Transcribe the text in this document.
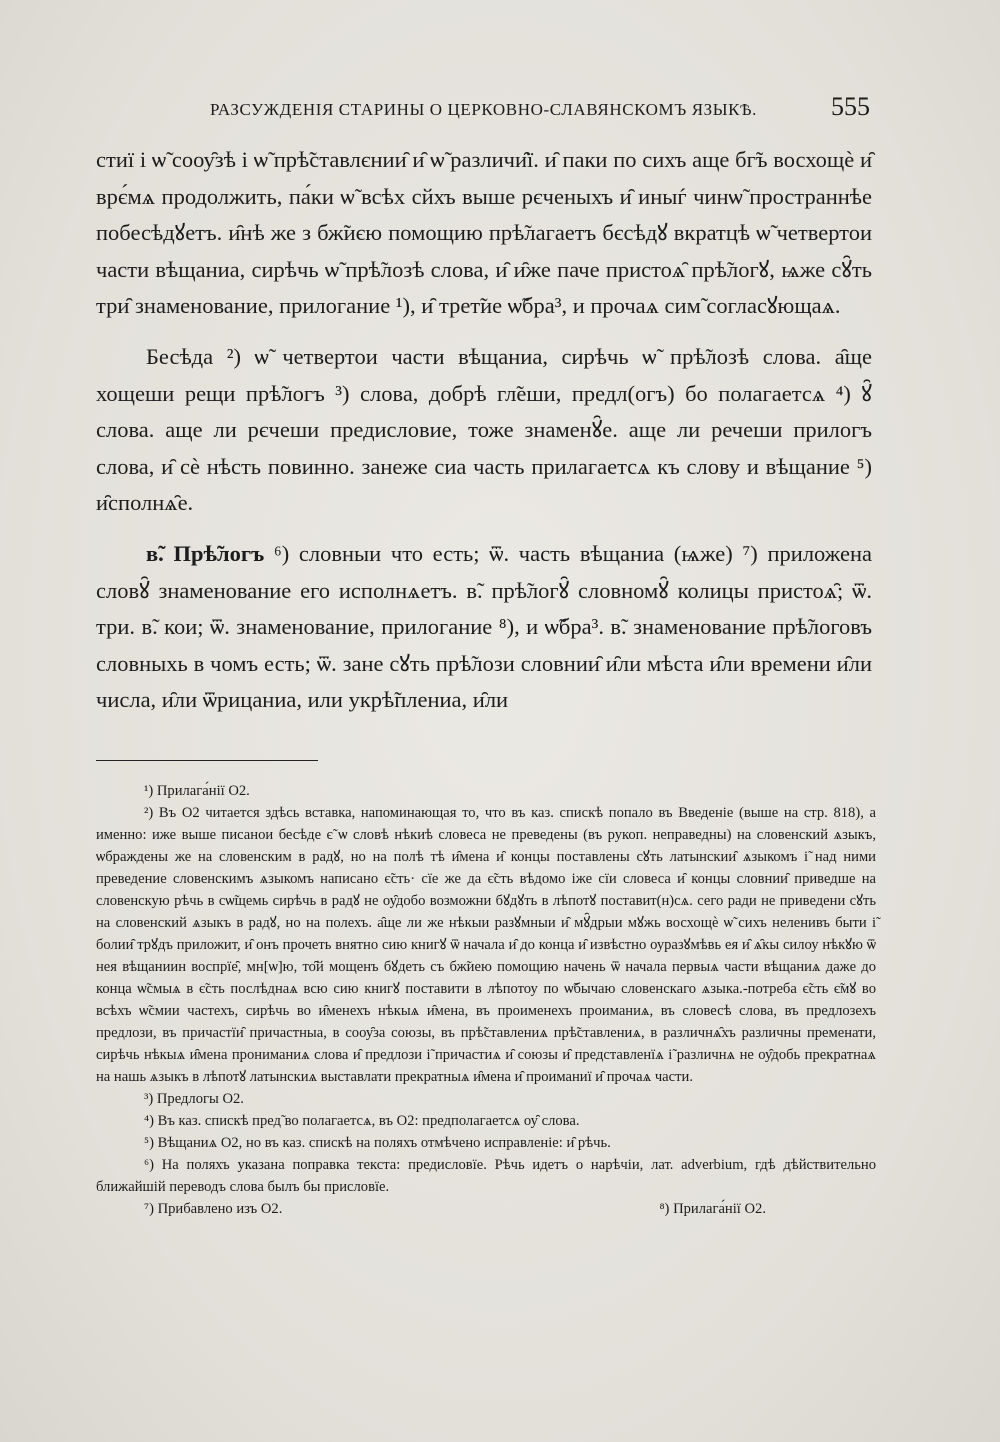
РАЗСУЖДЕНІЯ СТАРИНЫ О ЦЕРКОВНО-СЛАВЯНСКОМЪ ЯЗЫКѢ.	555

стиї і ѡ̃ сооу̑зѣ і ѡ̃ прѣ̃ставлєнии̑ и̑ ѡ̃ различи̑ї. и̑ паки по сихъ аще бг̃ъ восхощѐ и̑ врє́мѧ продолжить, па́ки ѡ̃ всѣх сйхъ выше рєченыхъ и̑ иныѓ чинѡ̃ пространнѣе побесѣдꙋетъ. и̑нѣ же з бж̃иєю помощию прѣ̃лагаетъ бєсѣдꙋ вкратцѣ ѡ̃ четвертои части вѣщаниа, сирѣчь ѡ̃ прѣ̃лозѣ слова, и̑ и̑же паче пристоѧ̑ прѣ̃логꙋ, ѩже сꙋ̑ть три̑ знаменование, прилогание ¹), и̑ трет̃ие ѡ̃бра³, и прочаѧ сим̃ согласꙋющаѧ.

Бесѣда ²) ѡ̃ четвертои части вѣщаниа, сирѣчь ѡ̃ прѣ̃лозѣ слова. а̑ще хощеши рещи прѣ̃логъ ³) слова, добрѣ гл̃еши, предл(огъ) бо полагаетсѧ ⁴) ꙋ̑ слова. аще ли рєчеши предисловие, тоже знаменꙋ̑е. аще ли речеши прилогъ слова, и̑ сѐ нѣсть повинно. занеже сиа часть прилагаетсѧ къ слову и вѣщание ⁵) и̑сполнѧ̑е.

в̃. Прѣ̃логъ ⁶) словныи что есть; ѿ. часть вѣщаниа (ѩже) ⁷) приложена словꙋ̑ знаменование его исполнѧетъ. в̃. прѣ̃логꙋ̑ словномꙋ̑ колицы пристоѧ̑; ѿ. три. в̃. кои; ѿ. знаменование, прилогание ⁸), и ѡ̃бра³. в̃. знаменование прѣ̃логовъ словныхь в чомъ есть; ѿ. зане сꙋть прѣ̃лози словнии̑ и̑ли мѣста и̑ли времени и̑ли числа, и̑ли ѿрицаниа, или укрѣ̃плениа, и̑ли

¹) Прилага́нії О2.

²) Въ О2 читается здѣсь вставка, напоминающая то, что въ каз. спискѣ попало въ Введеніе (выше на стр. 818), а именно: иже выше писанои бесѣде є̃ ѡ словѣ нѣкиѣ словеса не преведены (въ рукоп. неправедны) на словенский ѧзыкъ, ѡбраждены же на словенским в радꙋ, но на полѣ тѣ и̑мена и̑ концы поставлены сꙋть латынскии̑ ѧзыкомъ і̃ над ними преведение словенскимъ ѧзыкомъ написано є̃сть· сїе же да є̃сть вѣдомо іже сїи словеса и̑ концы словнии̑ приведше на словенскую рѣчь в сѡ̃щемь сирѣчь в радꙋ не оу̑добо возможни бꙋдꙋть в лѣпотꙋ поставит(н)сѧ. сего ради не приведени сꙋть на словенский ѧзыкъ в радꙋ, но на полехъ. а̑ще ли же нѣкыи разꙋмныи и̑ мꙋ̑дрыи мꙋжь восхощѐ ѡ̃ сихъ неленивъ быти і̃ болии̑ трꙋдъ приложит, и̑ онъ прочеть внятно сию книгꙋ ѿ начала и̑ до конца и̑ извѣстно оуразꙋмѣвь ея и̑ ѧ̑кы силоу нѣкꙋю ѿ нея вѣщаниин воспрїе̑, мн[ѡ]ю, то̑й мощенъ бꙋдеть съ бж̃иею помощию начень ѿ начала первыѧ части вѣщаниѧ даже до конца ѡ̃смыѧ в є̃сть послѣднаѧ всю сию книгꙋ поставити в лѣпотоу по ѡ̃бычаю словенскаго ѧзыка.-потреба є̃сть є̃мꙋ во всѣхъ ѡ̃смии частехъ, сирѣчь во и̑менехъ нѣкыѧ и̑мена, въ проименехъ проиманиѧ, въ словесѣ слова, въ предлозехъ предлози, въ причастїи̑ причастныа, в сооу̑за союзы, въ прѣ̃ставлениѧ прѣ̃ставлениѧ, в различнѧ̑хъ различны пременати, сирѣчь нѣкыѧ и̑мена прониманиѧ слова и̑ предлози і̃ причастиѧ и̑ союзы и̑ представленїѧ і̃ различнѧ не оу̑добь прекратнаѧ на нашь ѧзыкъ в лѣпотꙋ латынскиѧ выставлати прекратныѧ и̑мена и̑ проиманиї и̑ прочаѧ части.

³) Предлогы О2.

⁴) Въ каз. спискѣ пред̃ во полагаетсѧ, въ О2: предполагаетсѧ оу̑ слова.

⁵) Вѣщаниѧ О2, но въ каз. спискѣ на поляхъ отмѣчено исправленіе: и̑ рѣчь.

⁶) На поляхъ указана поправка текста: предисловїе. Рѣчь идетъ о нарѣчіи, лат. adverbium, гдѣ дѣйствительно ближайшій переводъ слова былъ бы присловїе.

⁷) Прибавлено изъ О2.	⁸) Прилага́нії О2.
